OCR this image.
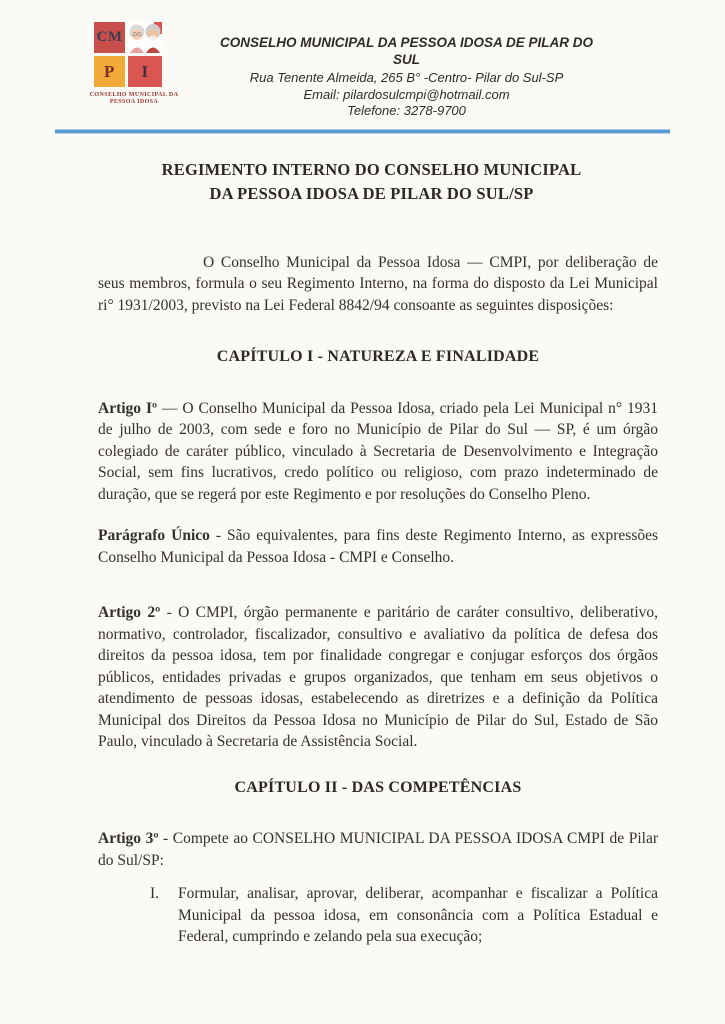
CM
P	I
CONSELHO MUNICIPAL DA
PESSOA IDOSA
CONSELHO MUNICIPAL DA PESSOA IDOSA DE PILAR DO SUL
Rua Tenente Almeida, 265 B° -Centro- Pilar do Sul-SP
Email: pilardosulcmpi@hotmail.com
Telefone: 3278-9700
REGIMENTO INTERNO DO CONSELHO MUNICIPAL
DA PESSOA IDOSA DE PILAR DO SUL/SP

O Conselho Municipal da Pessoa Idosa — CMPI, por deliberação de seus membros, formula o seu Regimento Interno, na forma do disposto da Lei Municipal ri° 1931/2003, previsto na Lei Federal 8842/94 consoante as seguintes disposições:

CAPÍTULO I - NATUREZA E FINALIDADE

Artigo Iº — O Conselho Municipal da Pessoa Idosa, criado pela Lei Municipal n° 1931 de julho de 2003, com sede e foro no Município de Pilar do Sul — SP, é um órgão colegiado de caráter público, vinculado à Secretaria de Desenvolvimento e Integração Social, sem fins lucrativos, credo político ou religioso, com prazo indeterminado de duração, que se regerá por este Regimento e por resoluções do Conselho Pleno.

Parágrafo Único - São equivalentes, para fins deste Regimento Interno, as expressões Conselho Municipal da Pessoa Idosa - CMPI e Conselho.

Artigo 2º - O CMPI, órgão permanente e paritário de caráter consultivo, deliberativo, normativo, controlador, fiscalizador, consultivo e avaliativo da política de defesa dos direitos da pessoa idosa, tem por finalidade congregar e conjugar esforços dos órgãos públicos, entidades privadas e grupos organizados, que tenham em seus objetivos o atendimento de pessoas idosas, estabelecendo as diretrizes e a definição da Política Municipal dos Direitos da Pessoa Idosa no Município de Pilar do Sul, Estado de São Paulo, vinculado à Secretaria de Assistência Social.

CAPÍTULO II - DAS COMPETÊNCIAS

Artigo 3º - Compete ao CONSELHO MUNICIPAL DA PESSOA IDOSA CMPI de Pilar do Sul/SP:

I.	Formular, analisar, aprovar, deliberar, acompanhar e fiscalizar a Política Municipal da pessoa idosa, em consonância com a Política Estadual e Federal, cumprindo e zelando pela sua execução;
